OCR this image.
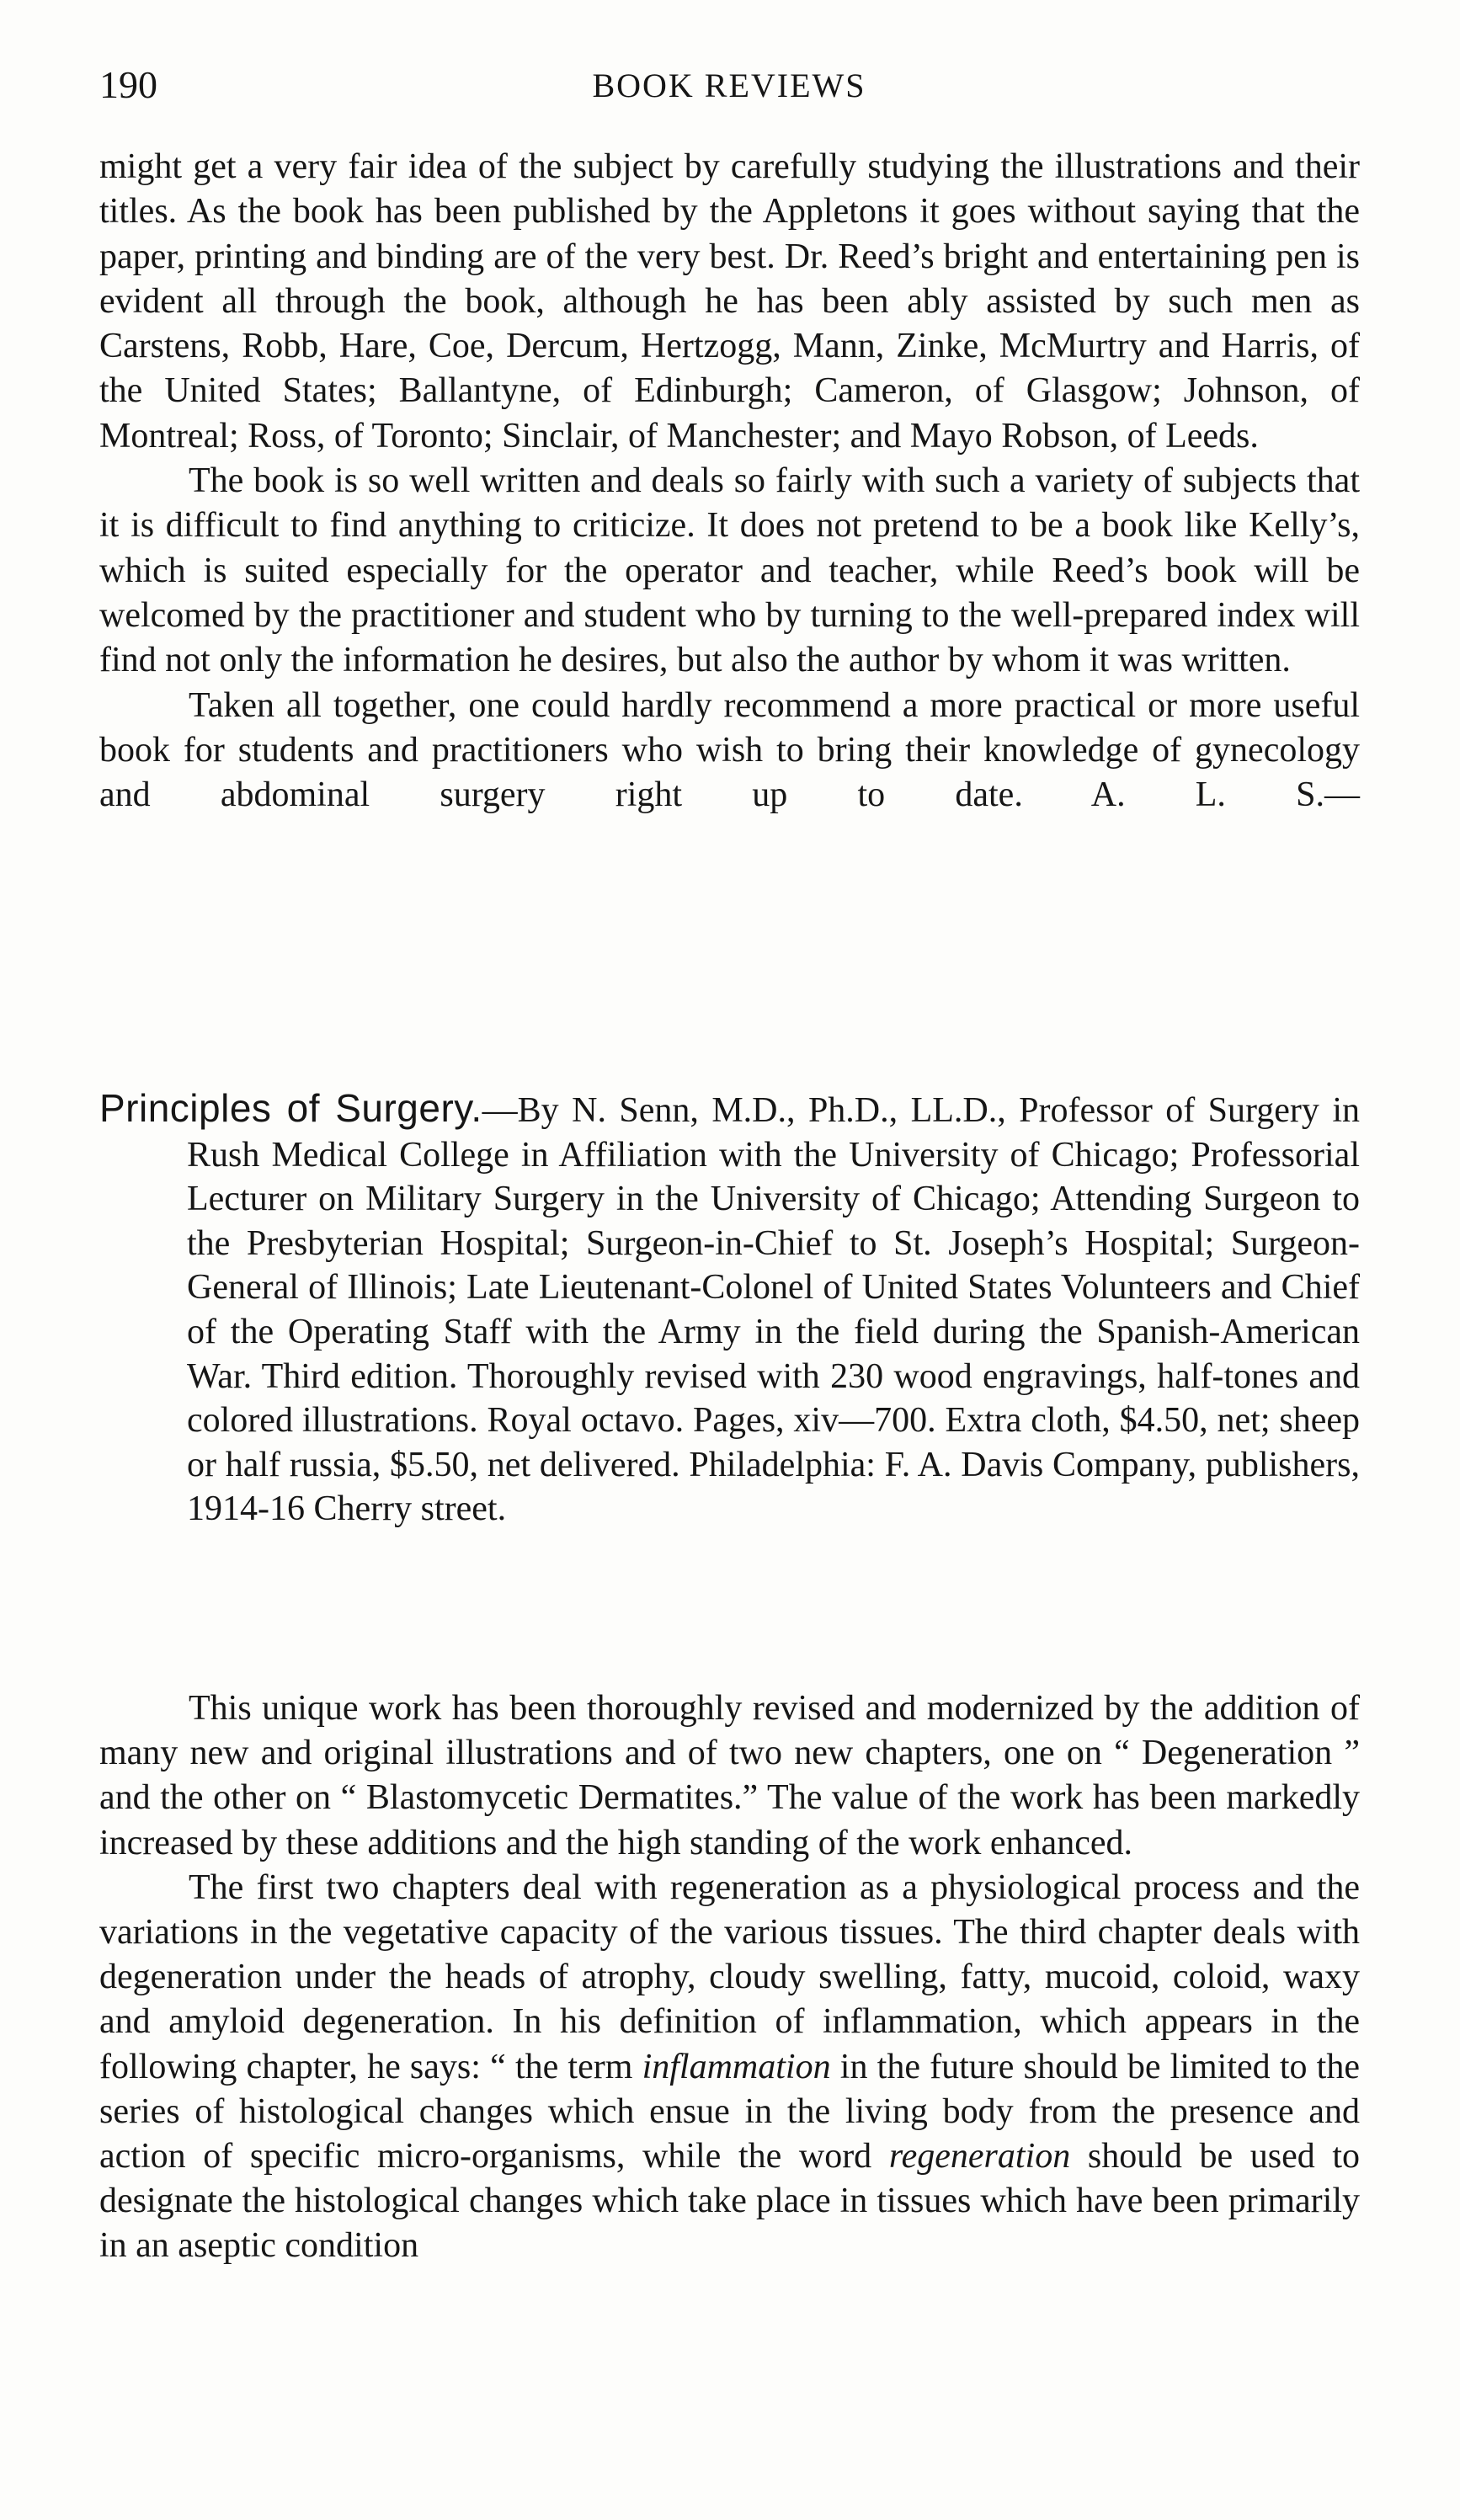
190	BOOK REVIEWS

might get a very fair idea of the subject by carefully studying the illustrations and their titles. As the book has been published by the Appletons it goes without saying that the paper, printing and binding are of the very best. Dr. Reed’s bright and entertaining pen is evident all through the book, although he has been ably assisted by such men as Carstens, Robb, Hare, Coe, Dercum, Hertzogg, Mann, Zinke, McMurtry and Harris, of the United States; Ballantyne, of Edinburgh; Cameron, of Glasgow; Johnson, of Montreal; Ross, of Toronto; Sinclair, of Manchester; and Mayo Robson, of Leeds.

The book is so well written and deals so fairly with such a variety of subjects that it is difficult to find anything to criticize. It does not pretend to be a book like Kelly’s, which is suited especially for the operator and teacher, while Reed’s book will be welcomed by the practitioner and student who by turning to the well-prepared index will find not only the information he desires, but also the author by whom it was written.

Taken all together, one could hardly recommend a more practical or more useful book for students and practitioners who wish to bring their knowledge of gynecology and abdominal surgery right up to date. A. L. S.—

Principles of Surgery.—By N. Senn, M.D., Ph.D., LL.D., Professor of Surgery in Rush Medical College in Affiliation with the University of Chicago; Professorial Lecturer on Military Surgery in the University of Chicago; Attending Surgeon to the Presbyterian Hospital; Surgeon-in-Chief to St. Joseph’s Hospital; Surgeon-General of Illinois; Late Lieutenant-Colonel of United States Volunteers and Chief of the Operating Staff with the Army in the field during the Spanish-American War. Third edition. Thoroughly revised with 230 wood engravings, half-tones and colored illustrations. Royal octavo. Pages, xiv—700. Extra cloth, $4.50, net; sheep or half russia, $5.50, net delivered. Philadelphia: F. A. Davis Company, publishers, 1914-16 Cherry street.

This unique work has been thoroughly revised and modernized by the addition of many new and original illustrations and of two new chapters, one on “ Degeneration ” and the other on “ Blastomycetic Dermatites.” The value of the work has been markedly increased by these additions and the high standing of the work enhanced.

The first two chapters deal with regeneration as a physiological process and the variations in the vegetative capacity of the various tissues. The third chapter deals with degeneration under the heads of atrophy, cloudy swelling, fatty, mucoid, coloid, waxy and amyloid degeneration. In his definition of inflammation, which appears in the following chapter, he says: “ the term inflammation in the future should be limited to the series of histological changes which ensue in the living body from the presence and action of specific micro-organisms, while the word regeneration should be used to designate the histological changes which take place in tissues which have been primarily in an aseptic condition
